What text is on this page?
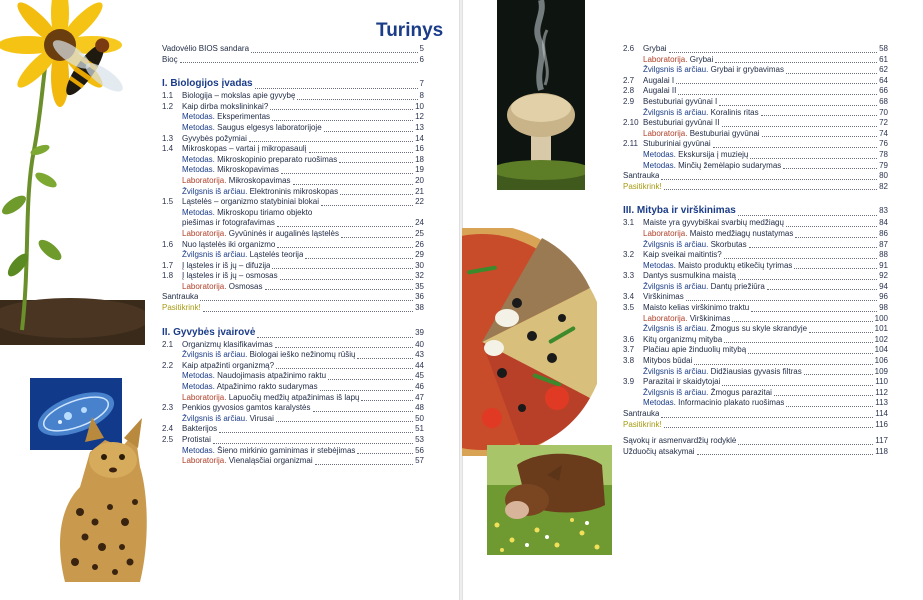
Turinys
Vadovėlio BIOS sandara	5
Bioç	6
I. Biologijos įvadas	7
1.1	Biologija – mokslas apie gyvybę	8
1.2	Kaip dirba mokslininkai?	10
Metodas. Eksperimentas	12
Metodas. Saugus elgesys laboratorijoje	13
1.3	Gyvybės požymiai	14
1.4	Mikroskopas – vartai į mikropasaulį	16
Metodas. Mikroskopinio preparato ruošimas	18
Metodas. Mikroskopavimas	19
Laboratorija. Mikroskopavimas	20
Žvilgsnis iš arčiau. Elektroninis mikroskopas	21
1.5	Ląstelės – organizmo statybiniai blokai	22
Metodas. Mikroskopu tiriamo objekto
piešimas ir fotografavimas	24
Laboratorija. Gyvūninės ir augalinės ląstelės	25
1.6	Nuo ląstelės iki organizmo	26
Žvilgsnis iš arčiau. Ląstelės teorija	29
1.7	Į ląsteles ir iš jų – difuzija	30
1.8	Į ląsteles ir iš jų – osmosas	32
Laboratorija. Osmosas	35
Santrauka	36
Pasitikrink!	38
II. Gyvybės įvairovė	39
2.1	Organizmų klasifikavimas	40
Žvilgsnis iš arčiau. Biologai ieško nežinomų rūšių	43
2.2	Kaip atpažinti organizmą?	44
Metodas. Naudojimasis atpažinimo raktu	45
Metodas. Atpažinimo rakto sudarymas	46
Laboratorija. Lapuočių medžių atpažinimas iš lapų	47
2.3	Penkios gyvosios gamtos karalystės	48
Žvilgsnis iš arčiau. Virusai	50
2.4	Bakterijos	51
2.5	Protistai	53
Metodas. Šieno mirkinio gaminimas ir stebėjimas	56
Laboratorija. Vienaląsčiai organizmai	57
2.6	Grybai	58
Laboratorija. Grybai	61
Žvilgsnis iš arčiau. Grybai ir grybavimas	62
2.7	Augalai I	64
2.8	Augalai II	66
2.9	Bestuburiai gyvūnai I	68
Žvilgsnis iš arčiau. Koralinis ritas	70
2.10 Bestuburiai gyvūnai II	72
Laboratorija. Bestuburiai gyvūnai	74
2.11 Stuburiniai gyvūnai	76
Metodas. Ekskursija į muziejų	78
Metodas. Minčių žemėlapio sudarymas	79
Santrauka	80
Pasitikrink!	82
III. Mityba ir virškinimas	83
3.1	Maiste yra gyvybiškai svarbių medžiagų	84
Laboratorija. Maisto medžiagų nustatymas	86
Žvilgsnis iš arčiau. Skorbutas	87
3.2	Kaip sveikai maitintis?	88
Metodas. Maisto produktų etikečių tyrimas	91
3.3	Dantys susmulkina maistą	92
Žvilgsnis iš arčiau. Dantų priežiūra	94
3.4	Virškinimas	96
3.5	Maisto kelias virškinimo traktu	98
Laboratorija. Virškinimas	100
Žvilgsnis iš arčiau. Žmogus su skyle skrandyje	101
3.6	Kitų organizmų mityba	102
3.7	Plačiau apie žinduolių mitybą	104
3.8	Mitybos būdai	106
Žvilgsnis iš arčiau. Didžiausias gyvasis filtras	109
3.9	Parazitai ir skaidytojai	110
Žvilgsnis iš arčiau. Žmogus parazitai	112
Metodas. Informacinio plakato ruošimas	113
Santrauka	114
Pasitikrink!	116
Sąvokų ir asmenvardžių rodyklė	117
Užduočių atsakymai	118
